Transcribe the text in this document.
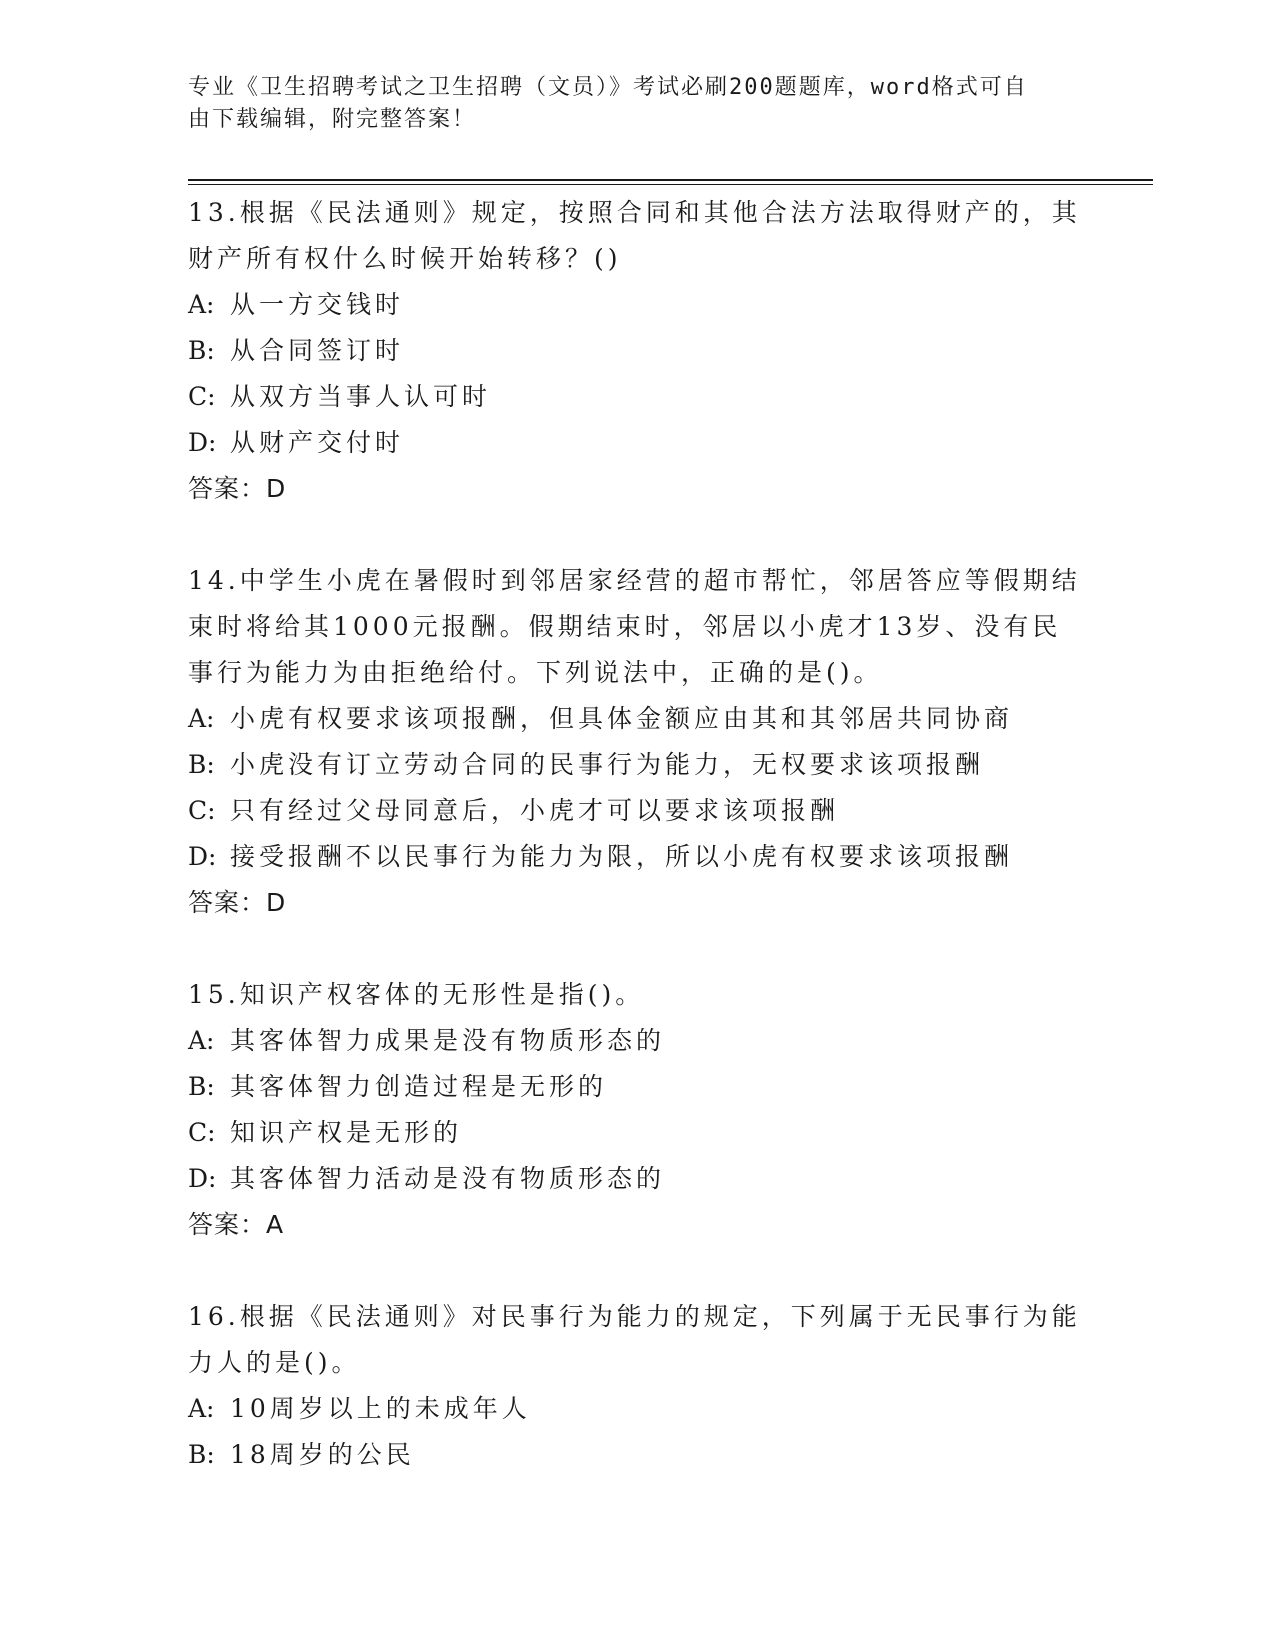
专业《卫生招聘考试之卫生招聘（文员）》考试必刷200题题库，word格式可自
由下载编辑，附完整答案！
13.根据《民法通则》规定，按照合同和其他合法方法取得财产的，其
财产所有权什么时候开始转移？()
A: 从一方交钱时
B: 从合同签订时
C: 从双方当事人认可时
D: 从财产交付时
答案：D
14.中学生小虎在暑假时到邻居家经营的超市帮忙，邻居答应等假期结
束时将给其1000元报酬。假期结束时，邻居以小虎才13岁、没有民
事行为能力为由拒绝给付。下列说法中，正确的是()。
A: 小虎有权要求该项报酬，但具体金额应由其和其邻居共同协商
B: 小虎没有订立劳动合同的民事行为能力，无权要求该项报酬
C: 只有经过父母同意后，小虎才可以要求该项报酬
D: 接受报酬不以民事行为能力为限，所以小虎有权要求该项报酬
答案：D
15.知识产权客体的无形性是指()。
A: 其客体智力成果是没有物质形态的
B: 其客体智力创造过程是无形的
C: 知识产权是无形的
D: 其客体智力活动是没有物质形态的
答案：A
16.根据《民法通则》对民事行为能力的规定，下列属于无民事行为能
力人的是()。
A: 10周岁以上的未成年人
B: 18周岁的公民
